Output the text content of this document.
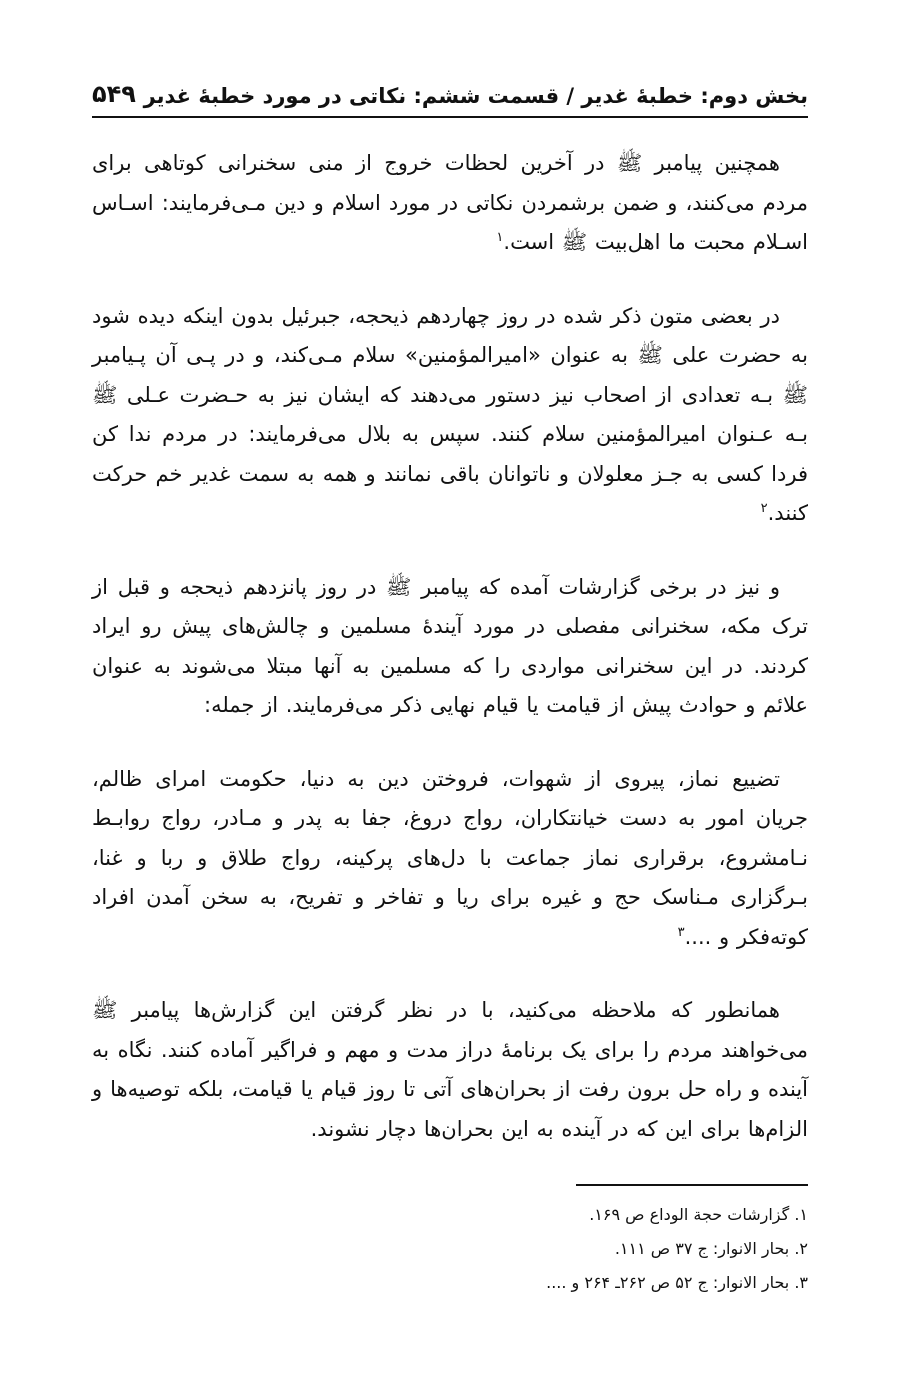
بخش دوم: خطبهٔ غدیر / قسمت ششم: نکاتی در مورد خطبهٔ غدیر
۵۴۹

همچنین پیامبر ﷺ در آخرین لحظات خروج از منی سخنرانی کوتاهی برای مردم می‌کنند، و ضمن برشمردن نکاتی در مورد اسلام و دین مـی‌فرمایند: اسـاس اسـلام محبت ما اهل‌بیت ﷺ است.$^۱$

در بعضی متون ذکر شده در روز چهاردهم ذیحجه، جبرئیل بدون اینکه دیده شود به حضرت علی ﷺ به عنوان «امیرالمؤمنین» سلام مـی‌کند، و در پـی آن پـیامبر ﷺ بـه تعدادی از اصحاب نیز دستور می‌دهند که ایشان نیز به حـضرت عـلی ﷺ بـه عـنوان امیرالمؤمنین سلام کنند. سپس به بلال می‌فرمایند: در مردم ندا کن فردا کسی به جـز معلولان و ناتوانان باقی نمانند و همه به سمت غدیر خم حرکت کنند.$^۲$

و نیز در برخی گزارشات آمده که پیامبر ﷺ در روز پانزدهم ذیحجه و قبل از ترک مکه، سخنرانی مفصلی در مورد آیندهٔ مسلمین و چالش‌های پیش رو ایراد کردند. در این سخنرانی مواردی را که مسلمین به آنها مبتلا می‌شوند به عنوان علائم و حوادث پیش از قیامت یا قیام نهایی ذکر می‌فرمایند. از جمله:

تضییع نماز، پیروی از شهوات، فروختن دین به دنیا، حکومت امرای ظالم، جریان امور به دست خیانتکاران، رواج دروغ، جفا به پدر و مـادر، رواج روابـط نـامشروع، برقراری نماز جماعت با دل‌های پرکینه، رواج طلاق و ربا و غنا، بـرگزاری مـناسک حج و غیره برای ریا و تفاخر و تفریح، به سخن آمدن افراد کوته‌فکر و ....$^۳$

همانطور که ملاحظه می‌کنید، با در نظر گرفتن این گزارش‌ها پیامبر ﷺ می‌خواهند مردم را برای یک برنامهٔ دراز مدت و مهم و فراگیر آماده کنند. نگاه به آینده و راه حل برون رفت از بحران‌های آتی تا روز قیام یا قیامت، بلکه توصیه‌ها و الزام‌ها برای این که در آینده به این بحران‌ها دچار نشوند.

۱. گزارشات حجة الوداع ص ۱۶۹.

۲. بحار الانوار: ج ۳۷ ص ۱۱۱.

۳. بحار الانوار: ج ۵۲ ص ۲۶۲ـ ۲۶۴ و ....
